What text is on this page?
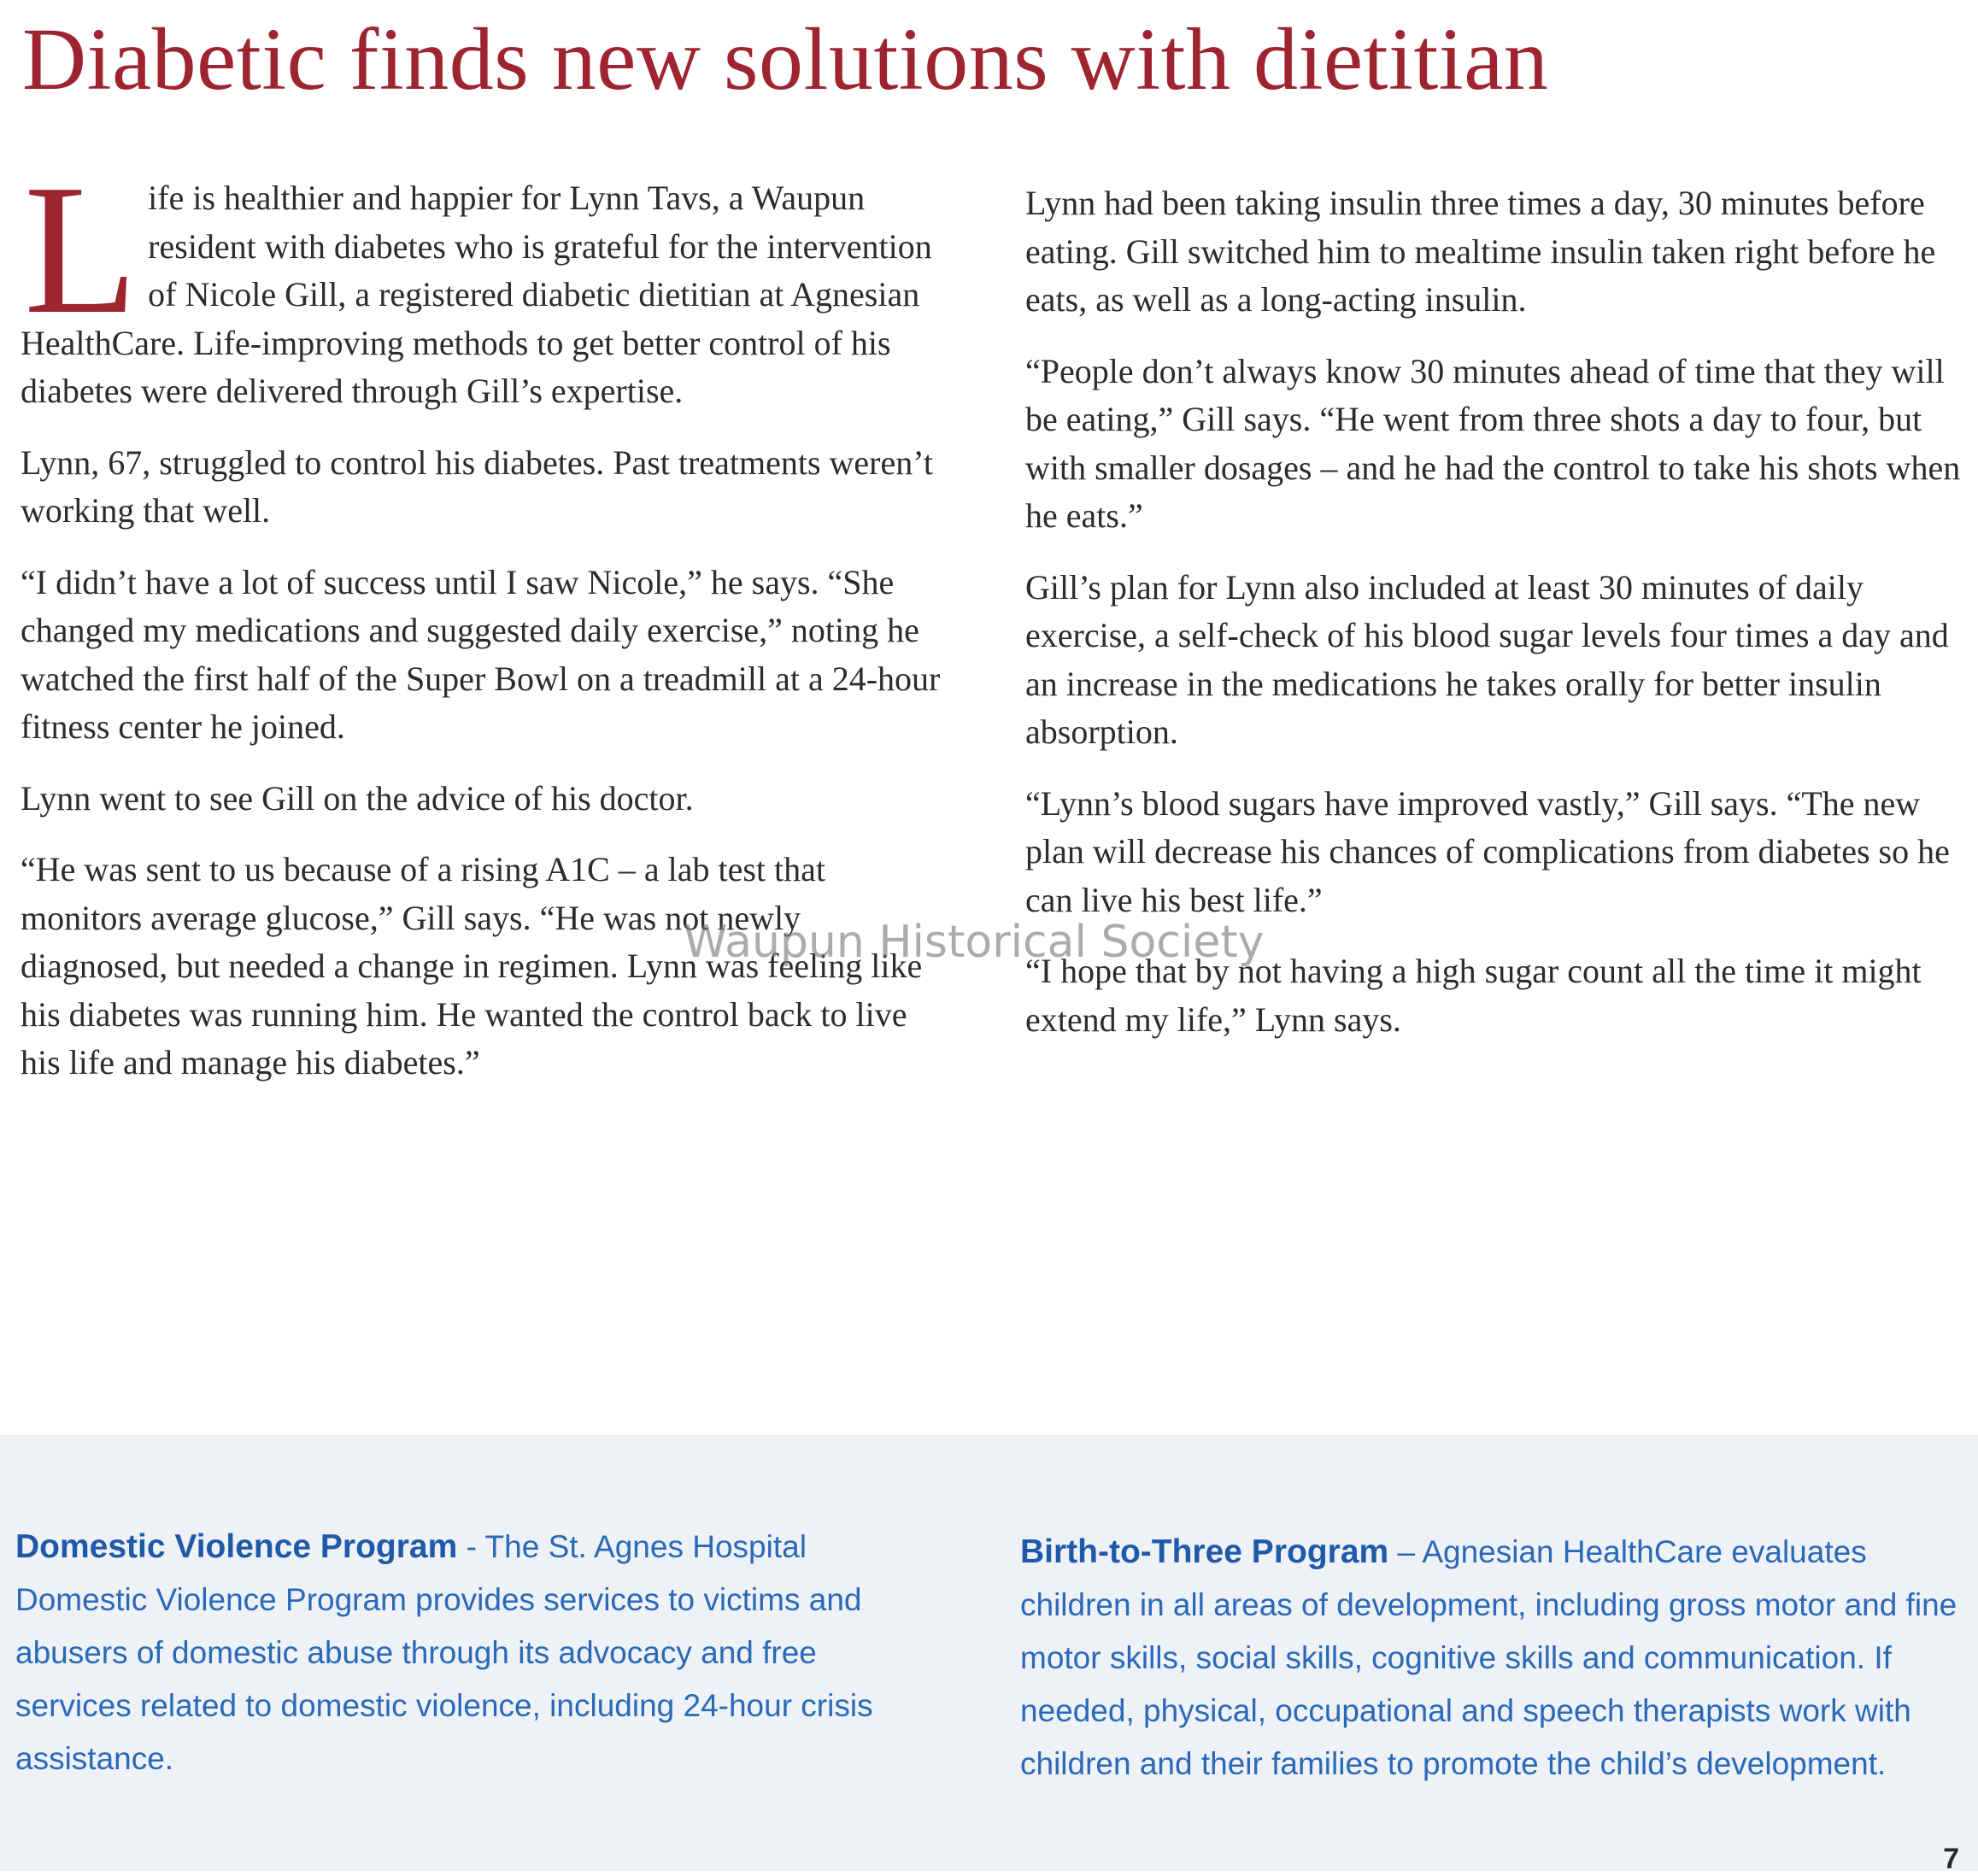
Diabetic finds new solutions with dietitian

Life is healthier and happier for Lynn Tavs, a Waupun resident with diabetes who is grateful for the intervention of Nicole Gill, a registered diabetic dietitian at Agnesian HealthCare. Life-improving methods to get better control of his diabetes were delivered through Gill’s expertise.

Lynn, 67, struggled to control his diabetes. Past treatments weren’t working that well.

“I didn’t have a lot of success until I saw Nicole,” he says. “She changed my medications and suggested daily exercise,” noting he watched the first half of the Super Bowl on a treadmill at a 24-hour fitness center he joined.

Lynn went to see Gill on the advice of his doctor.

“He was sent to us because of a rising A1C – a lab test that monitors average glucose,” Gill says. “He was not newly diagnosed, but needed a change in regimen. Lynn was feeling like his diabetes was running him. He wanted the control back to live his life and manage his diabetes.”

Lynn had been taking insulin three times a day, 30 minutes before eating. Gill switched him to mealtime insulin taken right before he eats, as well as a long-acting insulin.

“People don’t always know 30 minutes ahead of time that they will be eating,” Gill says. “He went from three shots a day to four, but with smaller dosages – and he had the control to take his shots when he eats.”

Gill’s plan for Lynn also included at least 30 minutes of daily exercise, a self-check of his blood sugar levels four times a day and an increase in the medications he takes orally for better insulin absorption.

“Lynn’s blood sugars have improved vastly,” Gill says. “The new plan will decrease his chances of complications from diabetes so he can live his best life.”

“I hope that by not having a high sugar count all the time it might extend my life,” Lynn says.

Waupun Historical Society
Domestic Violence Program - The St. Agnes Hospital Domestic Violence Program provides services to victims and abusers of domestic abuse through its advocacy and free services related to domestic violence, including 24-hour crisis assistance.
Birth-to-Three Program – Agnesian HealthCare evaluates children in all areas of development, including gross motor and fine motor skills, social skills, cognitive skills and communication. If needed, physical, occupational and speech therapists work with children and their families to promote the child’s development.
7
